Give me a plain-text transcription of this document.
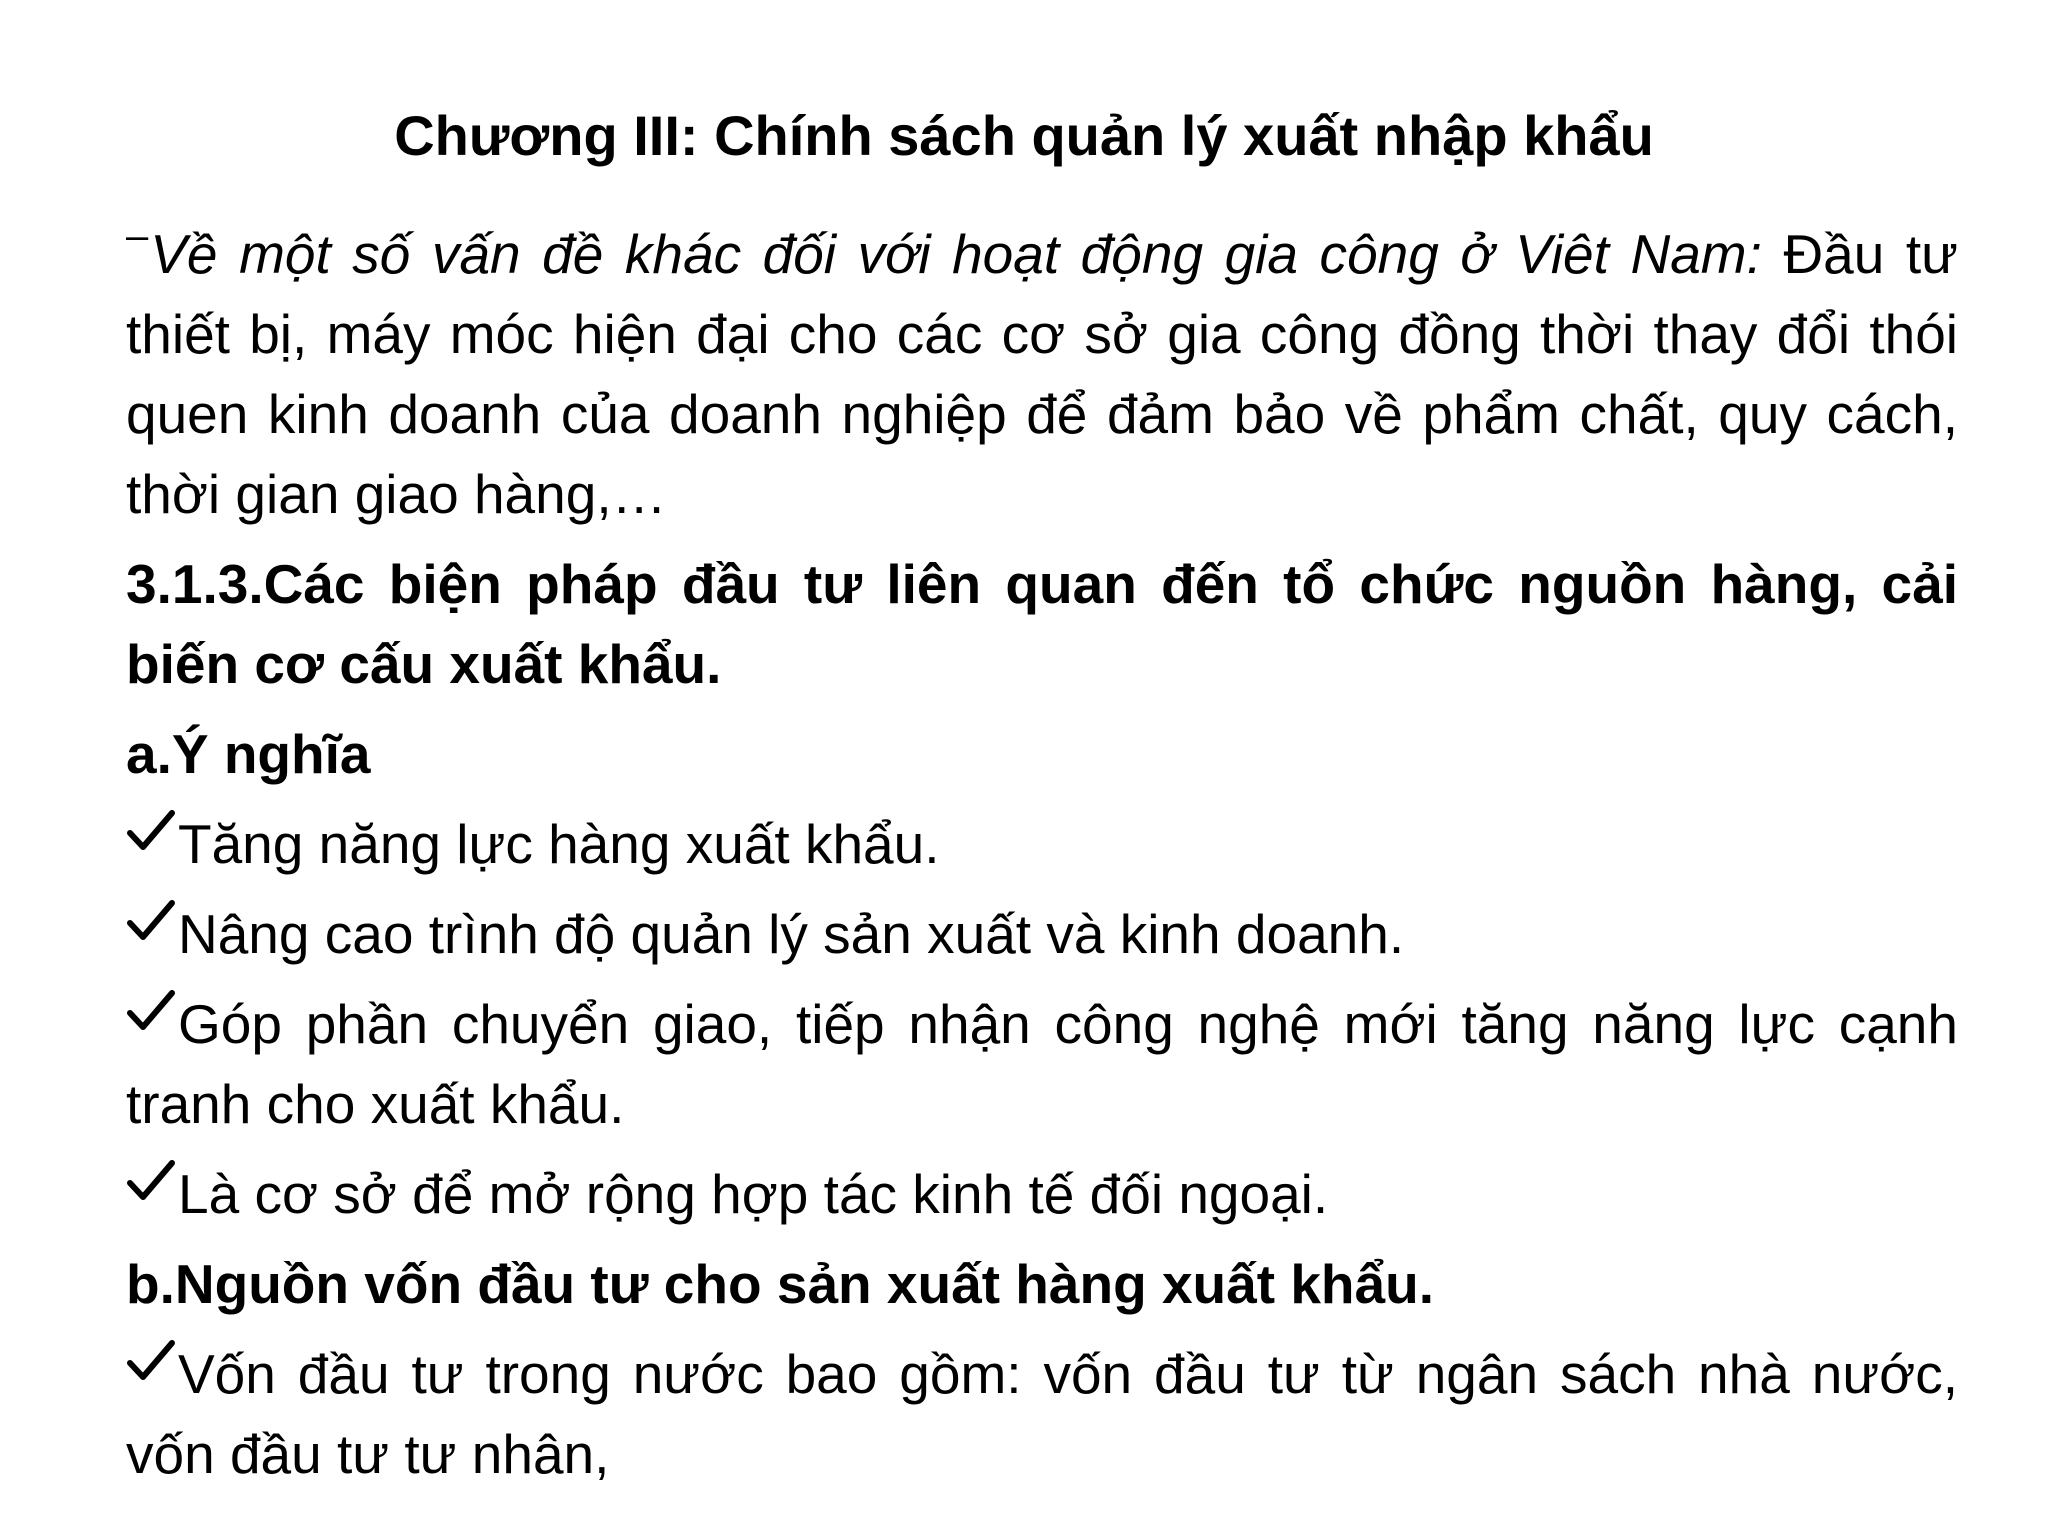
Chương III: Chính sách quản lý xuất nhập khẩu

‒Về một số vấn đề khác đối với hoạt động gia công ở Viêt Nam: Đầu tư thiết bị, máy móc hiện đại cho các cơ sở gia công đồng thời thay đổi thói quen kinh doanh của doanh nghiệp để đảm bảo về phẩm chất, quy cách, thời gian giao hàng,…

3.1.3.Các biện pháp đầu tư liên quan đến tổ chức nguồn hàng, cải biến cơ cấu xuất khẩu.

a.Ý nghĩa

Tăng năng lực hàng xuất khẩu.

Nâng cao trình độ quản lý sản xuất và kinh doanh.

Góp phần chuyển giao, tiếp nhận công nghệ mới tăng năng lực cạnh tranh cho xuất khẩu.

Là cơ sở để mở rộng hợp tác kinh tế đối ngoại.

b.Nguồn vốn đầu tư cho sản xuất hàng xuất khẩu.

Vốn đầu tư trong nước bao gồm: vốn đầu tư từ ngân sách nhà nước, vốn đầu tư tư nhân,
